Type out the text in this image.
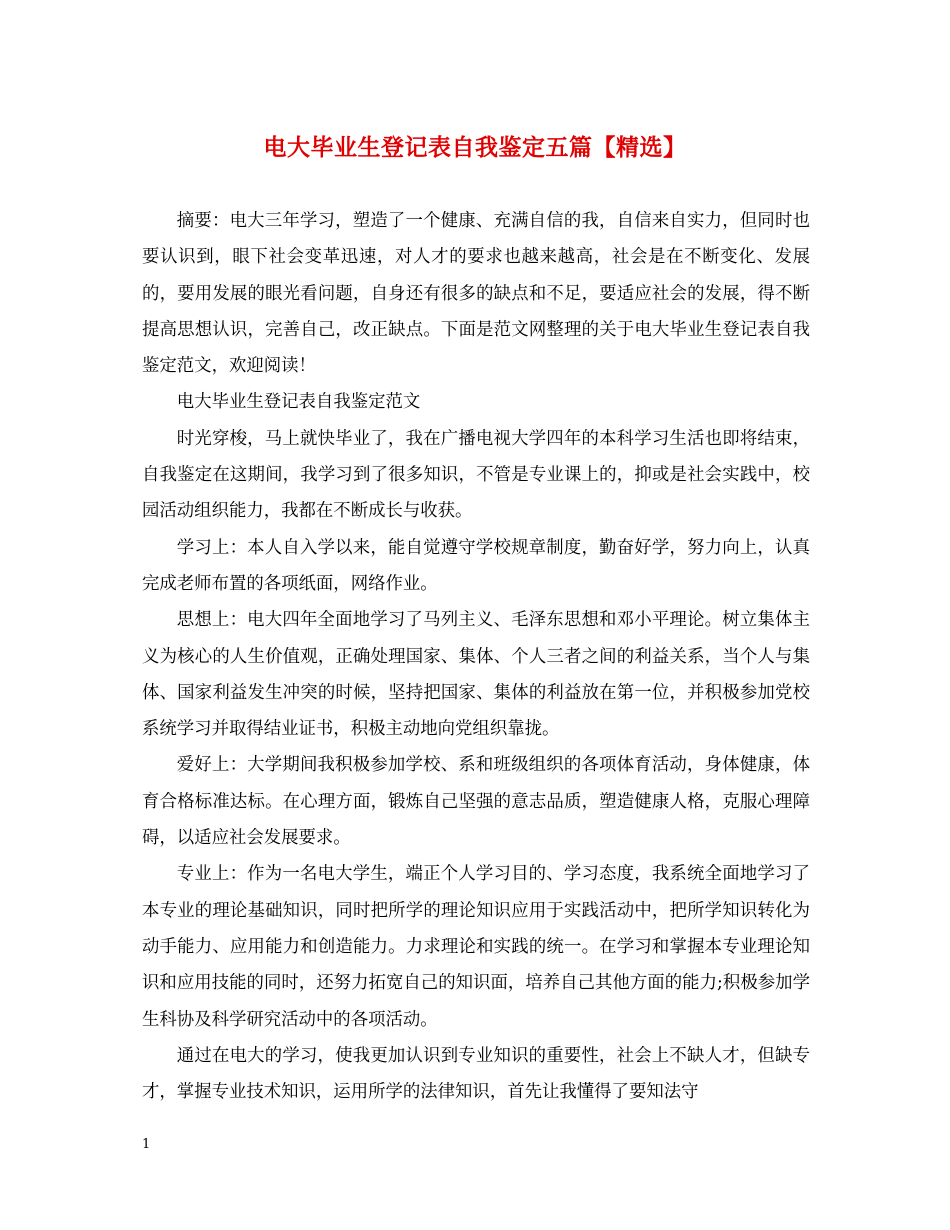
电大毕业生登记表自我鉴定五篇【精选】

摘要：电大三年学习，塑造了一个健康、充满自信的我，自信来自实力，但同时也要认识到，眼下社会变革迅速，对人才的要求也越来越高，社会是在不断变化、发展的，要用发展的眼光看问题，自身还有很多的缺点和不足，要适应社会的发展，得不断提高思想认识，完善自己，改正缺点。下面是范文网整理的关于电大毕业生登记表自我鉴定范文，欢迎阅读！

电大毕业生登记表自我鉴定范文

时光穿梭，马上就快毕业了，我在广播电视大学四年的本科学习生活也即将结束，自我鉴定在这期间，我学习到了很多知识，不管是专业课上的，抑或是社会实践中，校园活动组织能力，我都在不断成长与收获。

学习上：本人自入学以来，能自觉遵守学校规章制度，勤奋好学，努力向上，认真完成老师布置的各项纸面，网络作业。

思想上：电大四年全面地学习了马列主义、毛泽东思想和邓小平理论。树立集体主义为核心的人生价值观，正确处理国家、集体、个人三者之间的利益关系，当个人与集体、国家利益发生冲突的时候，坚持把国家、集体的利益放在第一位，并积极参加党校系统学习并取得结业证书，积极主动地向党组织靠拢。

爱好上：大学期间我积极参加学校、系和班级组织的各项体育活动，身体健康，体育合格标准达标。在心理方面，锻炼自己坚强的意志品质，塑造健康人格，克服心理障碍，以适应社会发展要求。

专业上：作为一名电大学生，端正个人学习目的、学习态度，我系统全面地学习了本专业的理论基础知识，同时把所学的理论知识应用于实践活动中，把所学知识转化为动手能力、应用能力和创造能力。力求理论和实践的统一。在学习和掌握本专业理论知识和应用技能的同时，还努力拓宽自己的知识面，培养自己其他方面的能力;积极参加学生科协及科学研究活动中的各项活动。

通过在电大的学习，使我更加认识到专业知识的重要性，社会上不缺人才，但缺专才，掌握专业技术知识，运用所学的法律知识，首先让我懂得了要知法守

1
